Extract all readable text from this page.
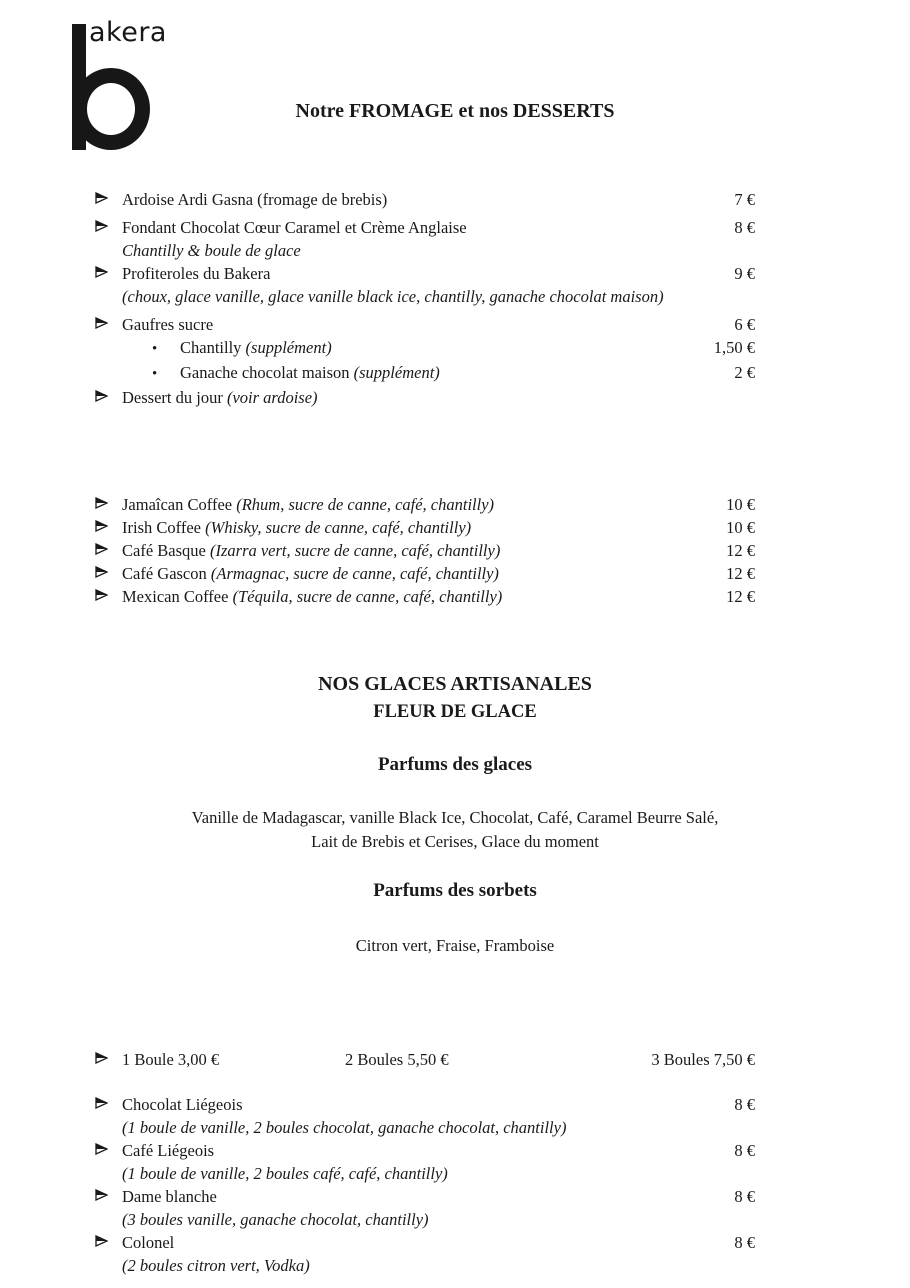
akera
Notre FROMAGE et nos DESSERTS
Ardoise Ardi Gasna (fromage de brebis)	7 €
Fondant Chocolat Cœur Caramel et Crème Anglaise	8 €
Chantilly & boule de glace
Profiteroles du Bakera	9 €
(choux, glace vanille, glace vanille black ice, chantilly, ganache chocolat maison)
Gaufres sucre	6 €
•	Chantilly (supplément)	1,50 €
•	Ganache chocolat maison (supplément)	2 €
Dessert du jour (voir ardoise)
Jamaîcan Coffee (Rhum, sucre de canne, café, chantilly)	10 €
Irish Coffee (Whisky, sucre de canne, café, chantilly)	10 €
Café Basque (Izarra vert, sucre de canne, café, chantilly)	12 €
Café Gascon (Armagnac, sucre de canne, café, chantilly)	12 €
Mexican Coffee (Téquila, sucre de canne, café, chantilly)	12 €
NOS GLACES ARTISANALES
FLEUR DE GLACE
Parfums des glaces
Vanille de Madagascar, vanille Black Ice, Chocolat, Café, Caramel Beurre Salé,
Lait de Brebis et Cerises, Glace du moment
Parfums des sorbets
Citron vert, Fraise, Framboise
1 Boule 3,00 €	2 Boules 5,50 €	3 Boules 7,50 €
Chocolat Liégeois	8 €
(1 boule de vanille, 2 boules chocolat, ganache chocolat, chantilly)
Café Liégeois	8 €
(1 boule de vanille, 2 boules café, café, chantilly)
Dame blanche	8 €
(3 boules vanille, ganache chocolat, chantilly)
Colonel	8 €
(2 boules citron vert, Vodka)
